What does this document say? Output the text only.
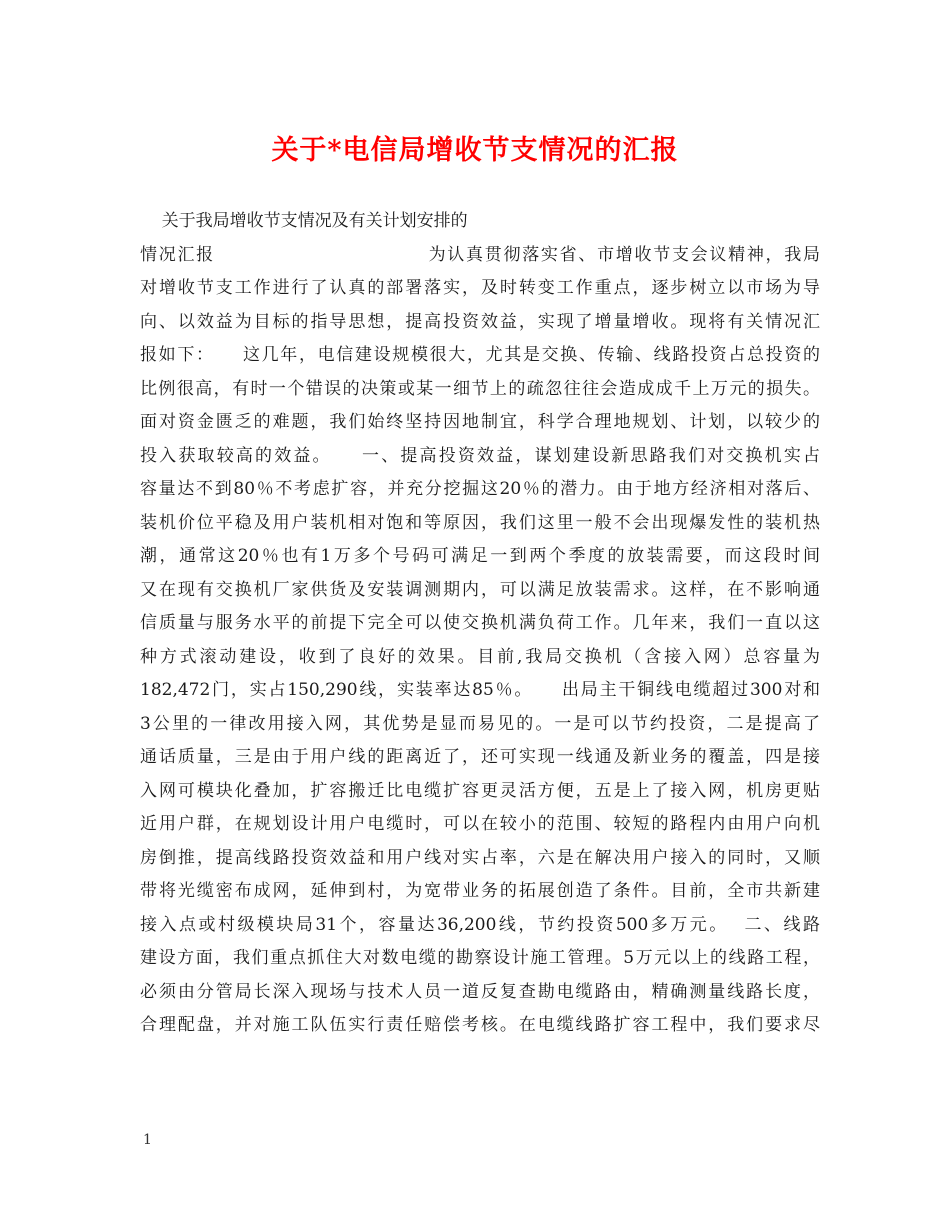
关于*电信局增收节支情况的汇报
关于我局增收节支情况及有关计划安排的
情况汇报                              为认真贯彻落实省、市增收节支会议精神，我局
对增收节支工作进行了认真的部署落实，及时转变工作重点，逐步树立以市场为导
向、以效益为目标的指导思想，提高投资效益，实现了增量增收。现将有关情况汇
报如下：    这几年，电信建设规模很大，尤其是交换、传输、线路投资占总投资的
比例很高，有时一个错误的决策或某一细节上的疏忽往往会造成成千上万元的损失。
面对资金匮乏的难题，我们始终坚持因地制宜，科学合理地规划、计划，以较少的
投入获取较高的效益。    一、提高投资效益，谋划建设新思路我们对交换机实占
容量达不到80％不考虑扩容，并充分挖掘这20％的潜力。由于地方经济相对落后、
装机价位平稳及用户装机相对饱和等原因，我们这里一般不会出现爆发性的装机热
潮，通常这20％也有1万多个号码可满足一到两个季度的放装需要，而这段时间
又在现有交换机厂家供货及安装调测期内，可以满足放装需求。这样，在不影响通
信质量与服务水平的前提下完全可以使交换机满负荷工作。几年来，我们一直以这
种方式滚动建设，收到了良好的效果。目前,我局交换机（含接入网）总容量为
182,472门，实占150,290线，实装率达85％。    出局主干铜线电缆超过300对和
3公里的一律改用接入网，其优势是显而易见的。一是可以节约投资，二是提高了
通话质量，三是由于用户线的距离近了，还可实现一线通及新业务的覆盖，四是接
入网可模块化叠加，扩容搬迁比电缆扩容更灵活方便，五是上了接入网，机房更贴
近用户群，在规划设计用户电缆时，可以在较小的范围、较短的路程内由用户向机
房倒推，提高线路投资效益和用户线对实占率，六是在解决用户接入的同时，又顺
带将光缆密布成网，延伸到村，为宽带业务的拓展创造了条件。目前，全市共新建
接入点或村级模块局31个，容量达36,200线，节约投资500多万元。  二、线路
建设方面，我们重点抓住大对数电缆的勘察设计施工管理。5万元以上的线路工程，
必须由分管局长深入现场与技术人员一道反复查勘电缆路由，精确测量线路长度，
合理配盘，并对施工队伍实行责任赔偿考核。在电缆线路扩容工程中，我们要求尽
1
